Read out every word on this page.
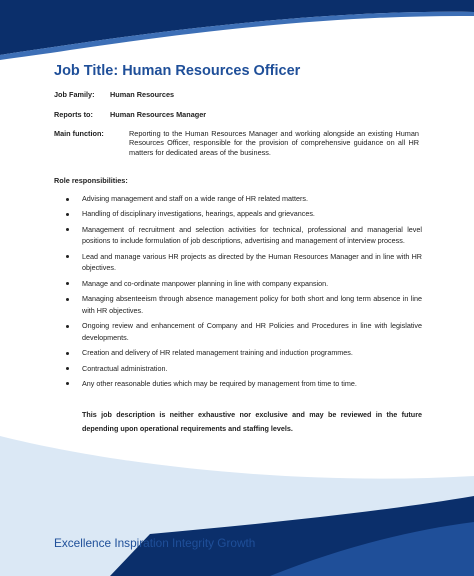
Job Title: Human Resources Officer
Job Family: Human Resources
Reports to: Human Resources Manager
Main function:	Reporting to the Human Resources Manager and working alongside an existing Human Resources Officer, responsible for the provision of comprehensive guidance on all HR matters for dedicated areas of the business.
Role responsibilities:
Advising management and staff on a wide range of HR related matters.
Handling of disciplinary investigations, hearings, appeals and grievances.
Management of recruitment and selection activities for technical, professional and managerial level positions to include formulation of job descriptions, advertising and management of interview process.
Lead and manage various HR projects as directed by the Human Resources Manager and in line with HR objectives.
Manage and co-ordinate manpower planning in line with company expansion.
Managing absenteeism through absence management policy for both short and long term absence in line with HR objectives.
Ongoing review and enhancement of Company and HR Policies and Procedures in line with legislative developments.
Creation and delivery of HR related management training and induction programmes.
Contractual administration.
Any other reasonable duties which may be required by management from time to time.
This job description is neither exhaustive nor exclusive and may be reviewed in the future depending upon operational requirements and staffing levels.
Excellence Inspiration Integrity Growth
